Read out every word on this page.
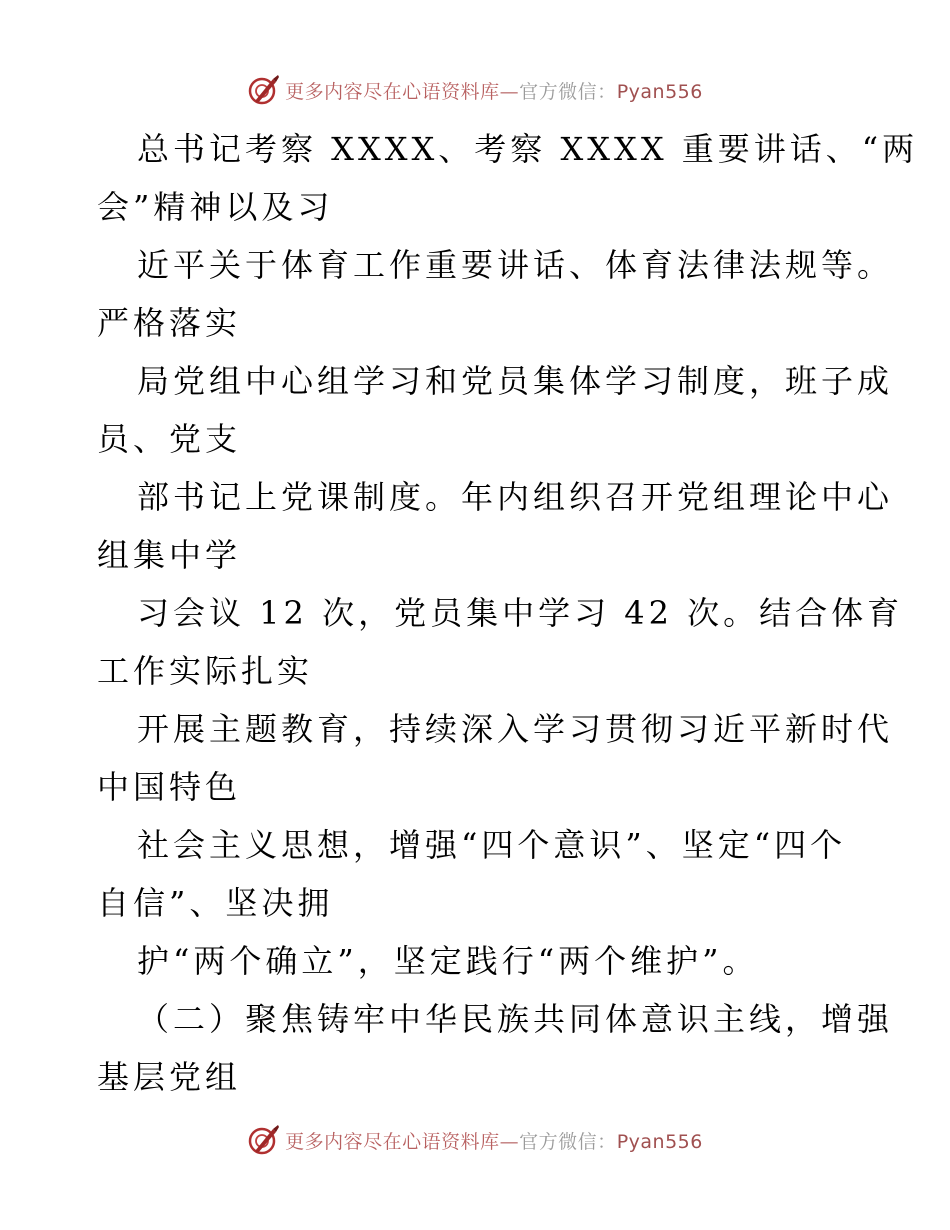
更多内容尽在心语资料库—官方微信：Pyan556

总书记考察 XXXX、考察 XXXX 重要讲话、“两
会”精神以及习

近平关于体育工作重要讲话、体育法律法规等。
严格落实

局党组中心组学习和党员集体学习制度，班子成
员、党支

部书记上党课制度。年内组织召开党组理论中心
组集中学

习会议 12 次，党员集中学习 42 次。结合体育
工作实际扎实

开展主题教育，持续深入学习贯彻习近平新时代
中国特色

社会主义思想，增强“四个意识”、坚定“四个
自信”、坚决拥

护“两个确立”，坚定践行“两个维护”。

（二）聚焦铸牢中华民族共同体意识主线，增强
基层党组

更多内容尽在心语资料库—官方微信：Pyan556
